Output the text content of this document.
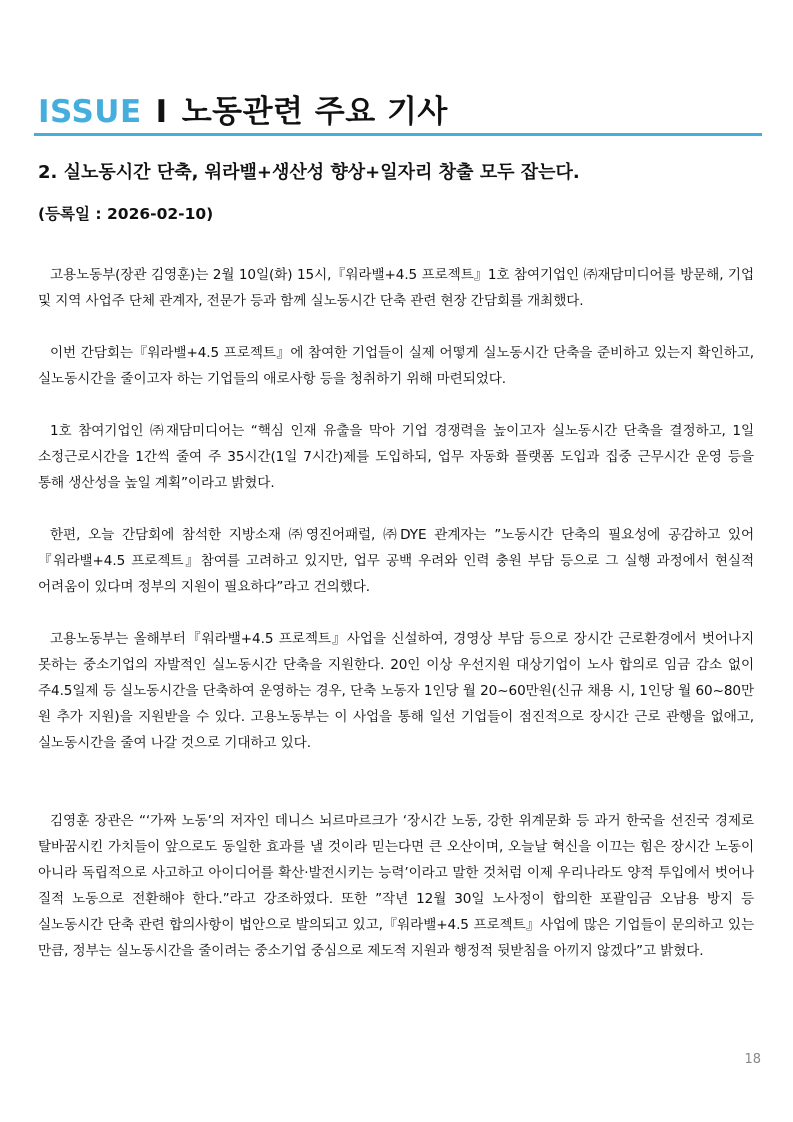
ISSUE I 노동관련 주요 기사
2. 실노동시간 단축, 워라밸+생산성 향상+일자리 창출 모두 잡는다.
(등록일 : 2026-02-10)

고용노동부(장관 김영훈)는 2월 10일(화) 15시,『워라밸+4.5 프로젝트』1호 참여기업인 ㈜재담미디어를 방문해, 기업 및 지역 사업주 단체 관계자, 전문가 등과 함께 실노동시간 단축 관련 현장 간담회를 개최했다.

이번 간담회는『워라밸+4.5 프로젝트』에 참여한 기업들이 실제 어떻게 실노동시간 단축을 준비하고 있는지 확인하고, 실노동시간을 줄이고자 하는 기업들의 애로사항 등을 청취하기 위해 마련되었다.

1호 참여기업인 ㈜재담미디어는 “핵심 인재 유출을 막아 기업 경쟁력을 높이고자 실노동시간 단축을 결정하고, 1일 소정근로시간을 1간씩 줄여 주 35시간(1일 7시간)제를 도입하되, 업무 자동화 플랫폼 도입과 집중 근무시간 운영 등을 통해 생산성을 높일 계획”이라고 밝혔다.

한편, 오늘 간담회에 참석한 지방소재 ㈜영진어패럴, ㈜DYE 관계자는 ”노동시간 단축의 필요성에 공감하고 있어『워라밸+4.5 프로젝트』참여를 고려하고 있지만, 업무 공백 우려와 인력 충원 부담 등으로 그 실행 과정에서 현실적 어려움이 있다며 정부의 지원이 필요하다”라고 건의했다.

고용노동부는 올해부터『워라밸+4.5 프로젝트』사업을 신설하여, 경영상 부담 등으로 장시간 근로환경에서 벗어나지 못하는 중소기업의 자발적인 실노동시간 단축을 지원한다. 20인 이상 우선지원 대상기업이 노사 합의로 임금 감소 없이 주4.5일제 등 실노동시간을 단축하여 운영하는 경우, 단축 노동자 1인당 월 20~60만원(신규 채용 시, 1인당 월 60~80만 원 추가 지원)을 지원받을 수 있다. 고용노동부는 이 사업을 통해 일선 기업들이 점진적으로 장시간 근로 관행을 없애고, 실노동시간을 줄여 나갈 것으로 기대하고 있다.

김영훈 장관은 “‘가짜 노동’의 저자인 데니스 뇌르마르크가 ‘장시간 노동, 강한 위계문화 등 과거 한국을 선진국 경제로 탈바꿈시킨 가치들이 앞으로도 동일한 효과를 낼 것이라 믿는다면 큰 오산이며, 오늘날 혁신을 이끄는 힘은 장시간 노동이 아니라 독립적으로 사고하고 아이디어를 확산·발전시키는 능력’이라고 말한 것처럼 이제 우리나라도 양적 투입에서 벗어나 질적 노동으로 전환해야 한다.”라고 강조하였다. 또한 ”작년 12월 30일 노사정이 합의한 포괄임금 오남용 방지 등 실노동시간 단축 관련 합의사항이 법안으로 발의되고 있고,『워라밸+4.5 프로젝트』사업에 많은 기업들이 문의하고 있는 만큼, 정부는 실노동시간을 줄이려는 중소기업 중심으로 제도적 지원과 행정적 뒷받침을 아끼지 않겠다”고 밝혔다.

18
